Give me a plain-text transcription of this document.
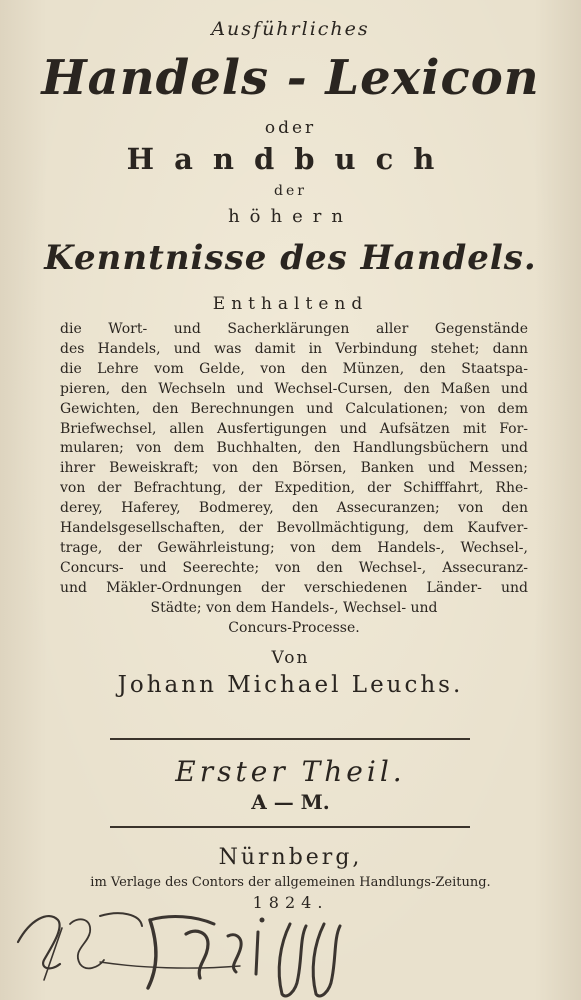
Ausführliches
Handels - Lexicon
oder
Handbuch
der
höhern
Kenntnisse des Handels.
Enthaltend
die Wort- und Sacherklärungen aller Gegenstände
des Handels, und was damit in Verbindung stehet; dann
die Lehre vom Gelde, von den Münzen, den Staatspa-
pieren, den Wechseln und Wechsel-Cursen, den Maßen und
Gewichten, den Berechnungen und Calculationen; von dem
Briefwechsel, allen Ausfertigungen und Aufsätzen mit For-
mularen; von dem Buchhalten, den Handlungsbüchern und
ihrer Beweiskraft; von den Börsen, Banken und Messen;
von der Befrachtung, der Expedition, der Schifffahrt, Rhe-
derey, Haferey, Bodmerey, den Assecuranzen; von den
Handelsgesellschaften, der Bevollmächtigung, dem Kaufver-
trage, der Gewährleistung; von dem Handels-, Wechsel-,
Concurs- und Seerechte; von den Wechsel-, Assecuranz-
und Mäkler-Ordnungen der verschiedenen Länder- und
Städte; von dem Handels-, Wechsel- und
Concurs-Processe.
Von
Johann Michael Leuchs.
Erster Theil.
A — M.
Nürnberg,
im Verlage des Contors der allgemeinen Handlungs-Zeitung.
1824.
